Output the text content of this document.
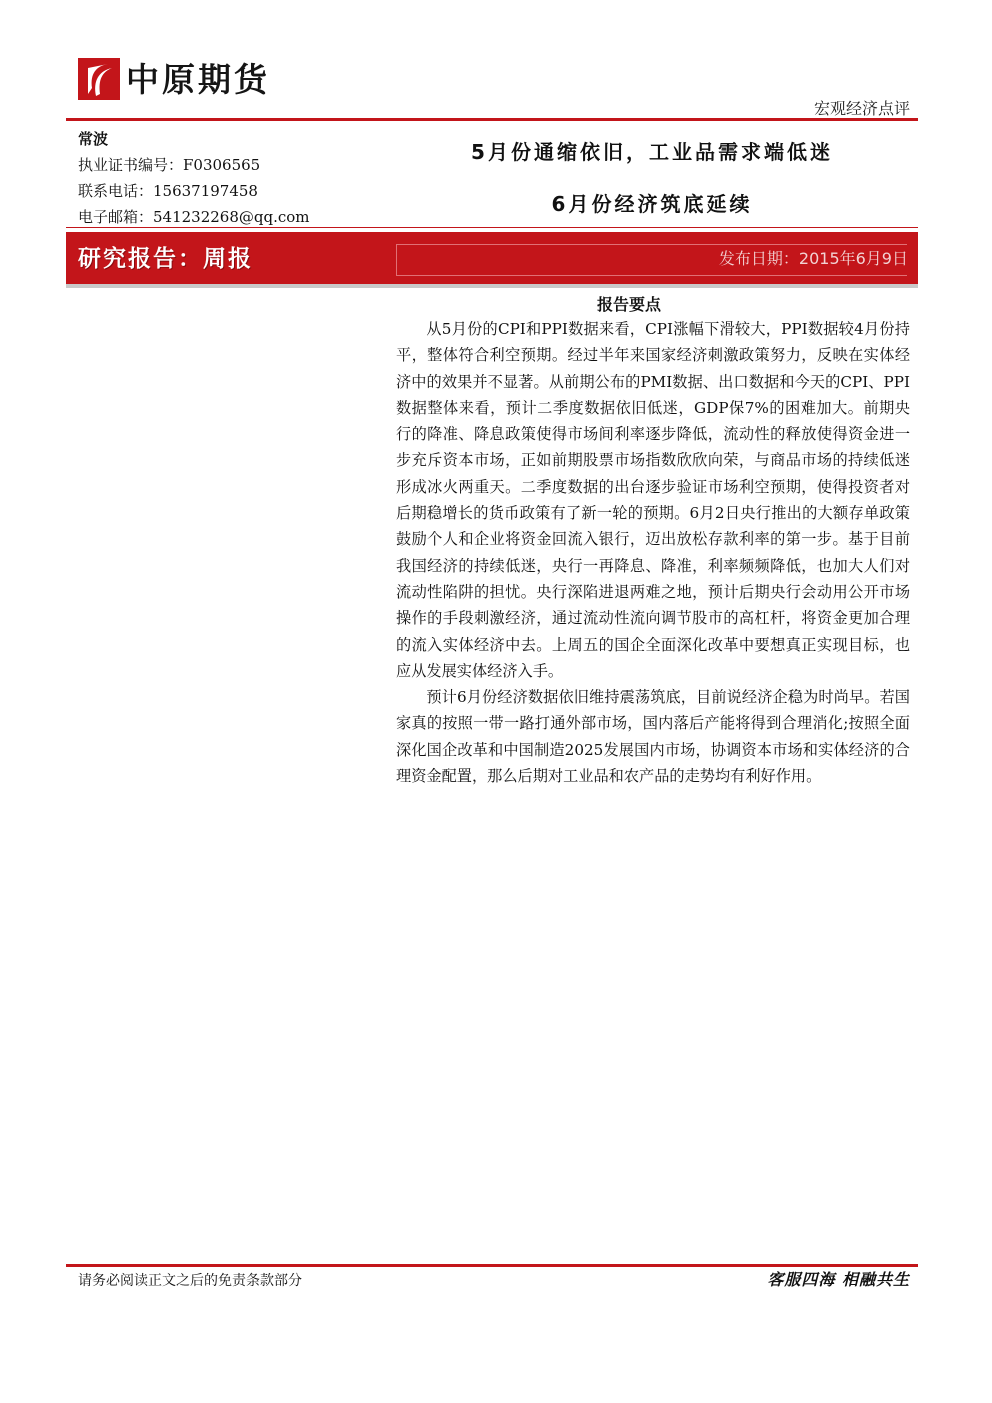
中原期货
宏观经济点评
常波
执业证书编号：F0306565
联系电话：15637197458
电子邮箱：541232268@qq.com
5月份通缩依旧，工业品需求端低迷
6月份经济筑底延续
研究报告：周报	发布日期：2015年6月9日
报告要点

从5月份的CPI和PPI数据来看，CPI涨幅下滑较大，PPI数据较4月份持平，整体符合利空预期。经过半年来国家经济刺激政策努力，反映在实体经济中的效果并不显著。从前期公布的PMI数据、出口数据和今天的CPI、PPI数据整体来看，预计二季度数据依旧低迷，GDP保7%的困难加大。前期央行的降准、降息政策使得市场间利率逐步降低，流动性的释放使得资金进一步充斥资本市场，正如前期股票市场指数欣欣向荣，与商品市场的持续低迷形成冰火两重天。二季度数据的出台逐步验证市场利空预期，使得投资者对后期稳增长的货币政策有了新一轮的预期。6月2日央行推出的大额存单政策鼓励个人和企业将资金回流入银行，迈出放松存款利率的第一步。基于目前我国经济的持续低迷，央行一再降息、降准，利率频频降低，也加大人们对流动性陷阱的担忧。央行深陷进退两难之地，预计后期央行会动用公开市场操作的手段刺激经济，通过流动性流向调节股市的高杠杆，将资金更加合理的流入实体经济中去。上周五的国企全面深化改革中要想真正实现目标，也应从发展实体经济入手。

预计6月份经济数据依旧维持震荡筑底，目前说经济企稳为时尚早。若国家真的按照一带一路打通外部市场，国内落后产能将得到合理消化;按照全面深化国企改革和中国制造2025发展国内市场，协调资本市场和实体经济的合理资金配置，那么后期对工业品和农产品的走势均有利好作用。

请务必阅读正文之后的免责条款部分	客服四海 相融共生
